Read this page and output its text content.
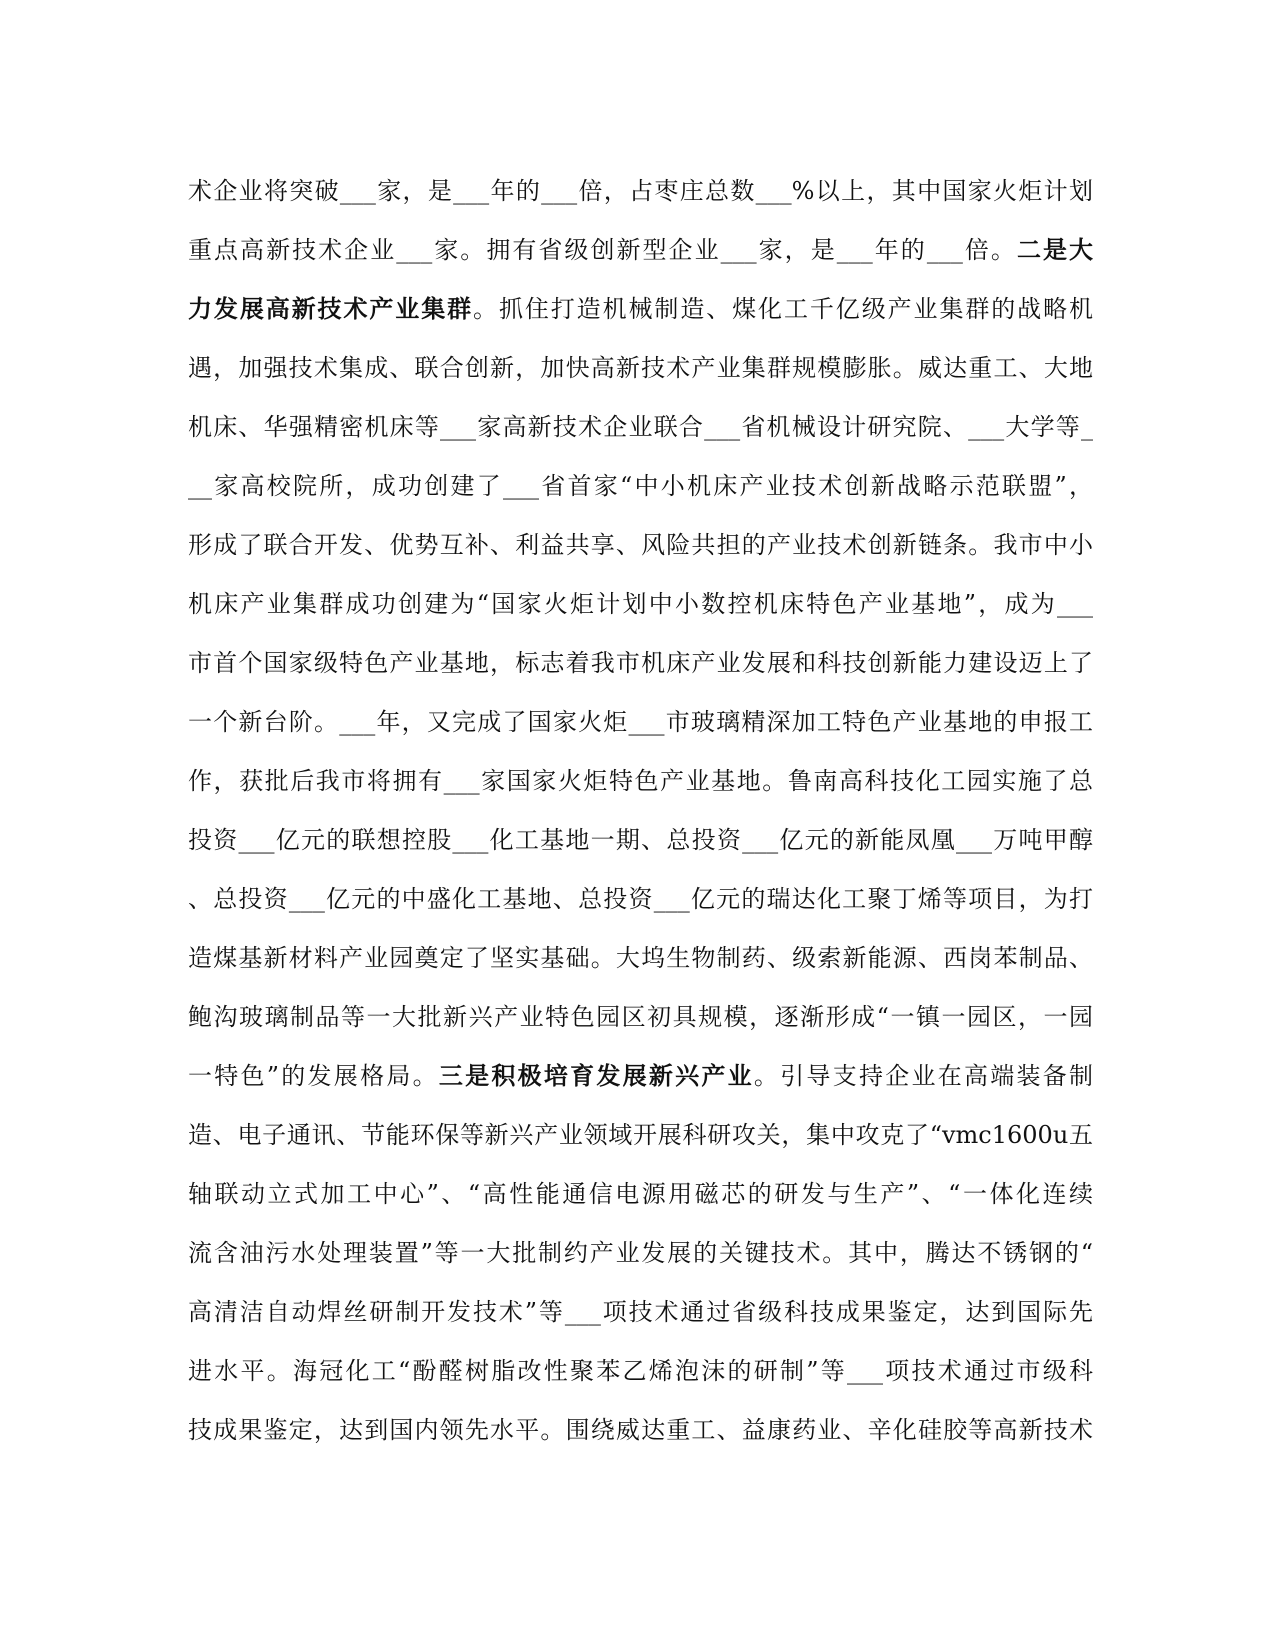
术企业将突破___家，是___年的___倍，占枣庄总数___%以上，其中国家火炬计划
重点高新技术企业___家。拥有省级创新型企业___家，是___年的___倍。二是大
力发展高新技术产业集群。抓住打造机械制造、煤化工千亿级产业集群的战略机
遇，加强技术集成、联合创新，加快高新技术产业集群规模膨胀。威达重工、大地
机床、华强精密机床等___家高新技术企业联合___省机械设计研究院、___大学等_
__家高校院所，成功创建了___省首家“中小机床产业技术创新战略示范联盟”，
形成了联合开发、优势互补、利益共享、风险共担的产业技术创新链条。我市中小
机床产业集群成功创建为“国家火炬计划中小数控机床特色产业基地”，成为___
市首个国家级特色产业基地，标志着我市机床产业发展和科技创新能力建设迈上了
一个新台阶。___年，又完成了国家火炬___市玻璃精深加工特色产业基地的申报工
作，获批后我市将拥有___家国家火炬特色产业基地。鲁南高科技化工园实施了总
投资___亿元的联想控股___化工基地一期、总投资___亿元的新能凤凰___万吨甲醇
、总投资___亿元的中盛化工基地、总投资___亿元的瑞达化工聚丁烯等项目，为打
造煤基新材料产业园奠定了坚实基础。大坞生物制药、级索新能源、西岗苯制品、
鲍沟玻璃制品等一大批新兴产业特色园区初具规模，逐渐形成“一镇一园区，一园
一特色”的发展格局。三是积极培育发展新兴产业。引导支持企业在高端装备制
造、电子通讯、节能环保等新兴产业领域开展科研攻关，集中攻克了“vmc1600u五
轴联动立式加工中心”、“高性能通信电源用磁芯的研发与生产”、“一体化连续
流含油污水处理装置”等一大批制约产业发展的关键技术。其中，腾达不锈钢的“
高清洁自动焊丝研制开发技术”等___项技术通过省级科技成果鉴定，达到国际先
进水平。海冠化工“酚醛树脂改性聚苯乙烯泡沫的研制”等___项技术通过市级科
技成果鉴定，达到国内领先水平。围绕威达重工、益康药业、辛化硅胶等高新技术
